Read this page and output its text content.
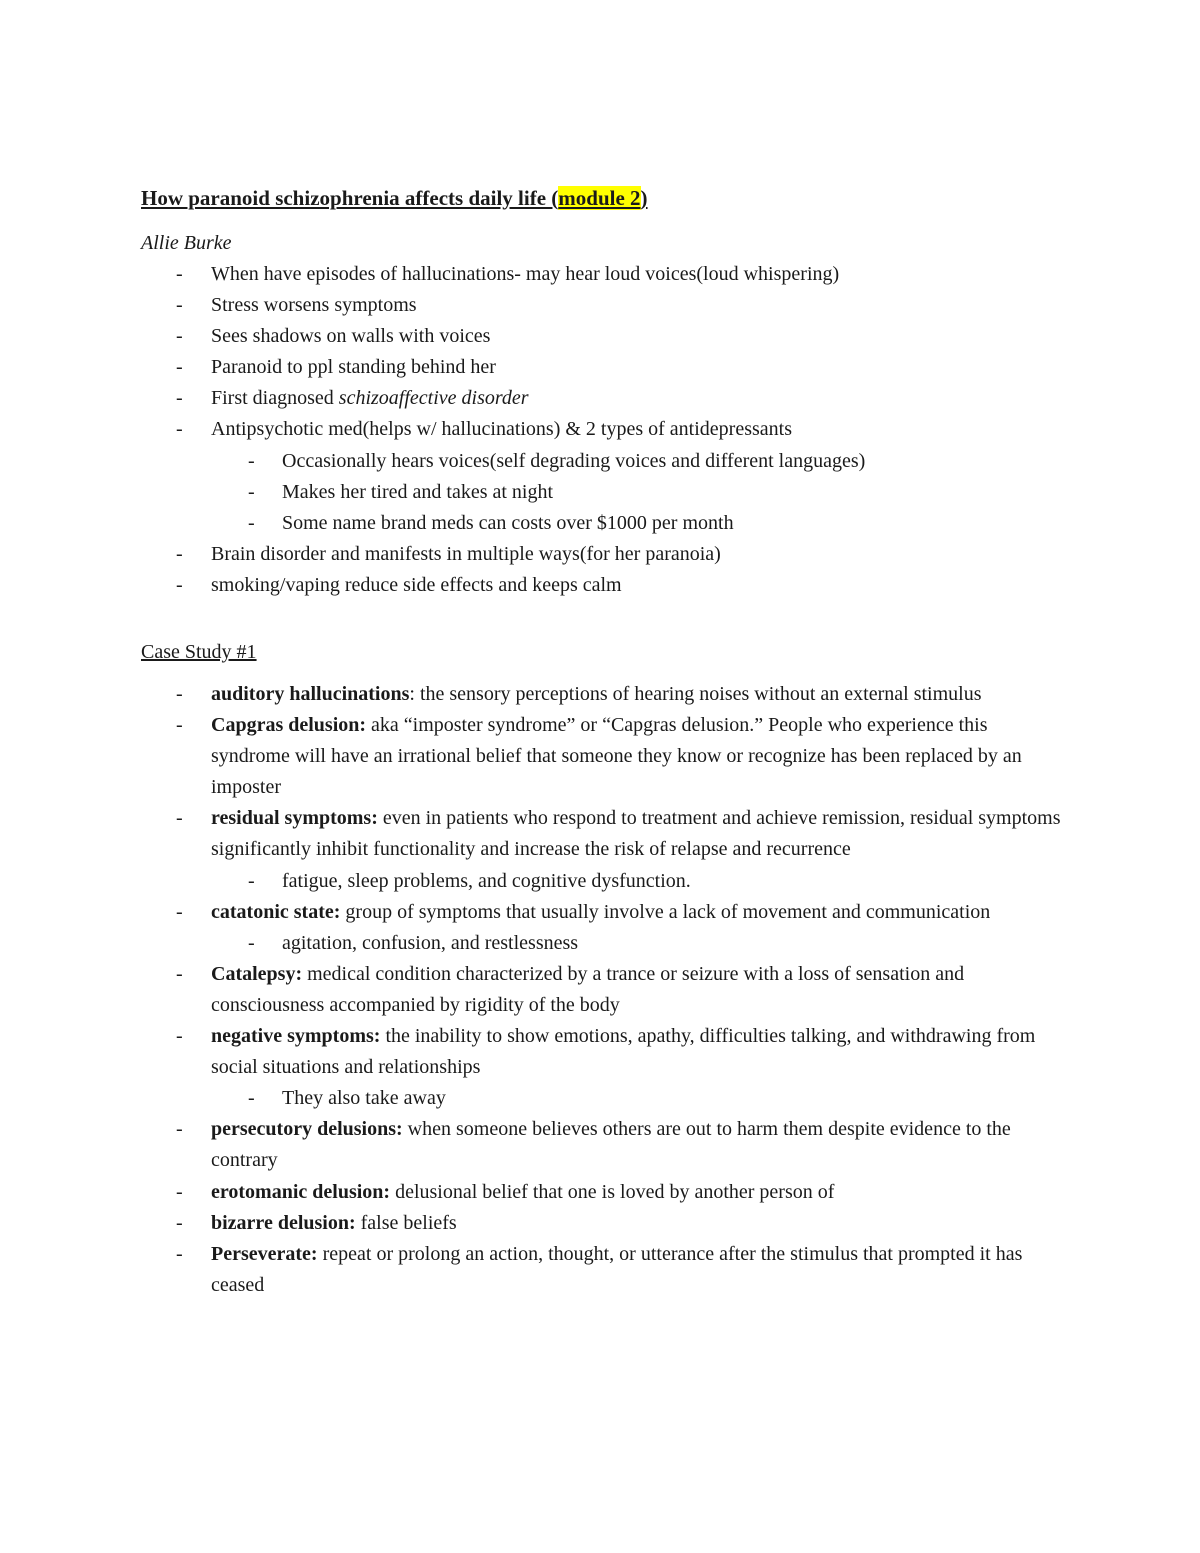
How paranoid schizophrenia affects daily life (module 2)
Allie Burke
-	When have episodes of hallucinations- may hear loud voices(loud whispering)
-	Stress worsens symptoms
-	Sees shadows on walls with voices
-	Paranoid to ppl standing behind her
-	First diagnosed schizoaffective disorder
-	Antipsychotic med(helps w/ hallucinations) & 2 types of antidepressants
-	Occasionally hears voices(self degrading voices and different languages)
-	Makes her tired and takes at night
-	Some name brand meds can costs over $1000 per month
-	Brain disorder and manifests in multiple ways(for her paranoia)
-	smoking/vaping reduce side effects and keeps calm
Case Study #1
-	auditory hallucinations: the sensory perceptions of hearing noises without an external stimulus
-	Capgras delusion: aka “imposter syndrome” or “Capgras delusion.” People who experience this syndrome will have an irrational belief that someone they know or recognize has been replaced by an imposter
-	residual symptoms: even in patients who respond to treatment and achieve remission, residual symptoms significantly inhibit functionality and increase the risk of relapse and recurrence
-	fatigue, sleep problems, and cognitive dysfunction.
-	catatonic state: group of symptoms that usually involve a lack of movement and communication
-	agitation, confusion, and restlessness
-	Catalepsy: medical condition characterized by a trance or seizure with a loss of sensation and consciousness accompanied by rigidity of the body
-	negative symptoms: the inability to show emotions, apathy, difficulties talking, and withdrawing from social situations and relationships
-	They also take away
-	persecutory delusions: when someone believes others are out to harm them despite evidence to the contrary
-	erotomanic delusion: delusional belief that one is loved by another person of
-	bizarre delusion: false beliefs
-	Perseverate: repeat or prolong an action, thought, or utterance after the stimulus that prompted it has ceased
